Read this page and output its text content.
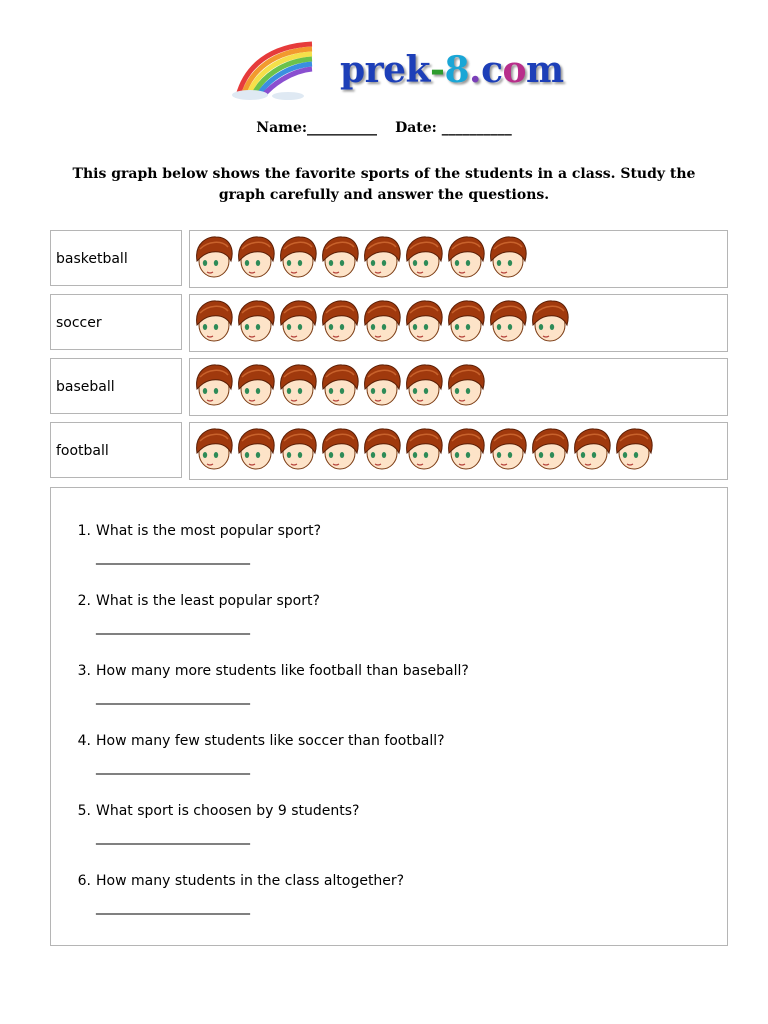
prek-8.com
Name:__________ Date: __________
This graph below shows the favorite sports of the students in a class. Study the graph carefully and answer the questions.
basketball
soccer
baseball
football
1. What is the most popular sport?
______________________
2. What is the least popular sport?
______________________
3. How many more students like football than baseball?
______________________
4. How many few students like soccer than football?
______________________
5. What sport is choosen by 9 students?
______________________
6. How many students in the class altogether?
______________________
